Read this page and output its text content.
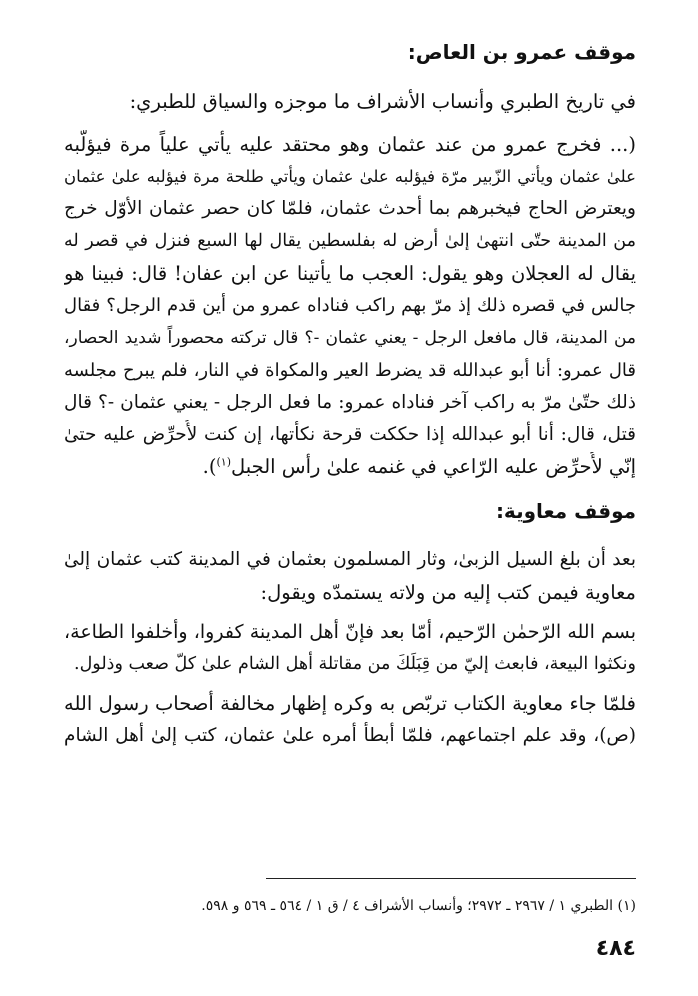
موقف عمرو بن العاص:
في تاريخ الطبري وأنساب الأشراف ما موجزه والسياق للطبري:
(... فخرج عمرو من عند عثمان وهو محتقد عليه يأتي علياً مرة فيؤلّبه
علىٰ عثمان ويأتي الزّبير مرّة فيؤلبه علىٰ عثمان ويأتي طلحة مرة فيؤلبه علىٰ عثمان
ويعترض الحاج فيخبرهم بما أحدث عثمان، فلمّا كان حصر عثمان الأوّل خرج
من المدينة حتّى انتهىٰ إلىٰ أرض له بفلسطين يقال لها السبع فنزل في قصر له
يقال له العجلان وهو يقول: العجب ما يأتينا عن ابن عفان! قال: فبينا هو
جالس في قصره ذلك إذ مرّ بهم راكب فناداه عمرو من أين قدم الرجل؟ فقال
من المدينة، قال مافعل الرجل - يعني عثمان -؟ قال تركته محصوراً شديد الحصار،
قال عمرو: أنا أبو عبدالله قد يضرط العير والمكواة في النار، فلم يبرح مجلسه
ذلك حتّىٰ مرّ به راكب آخر فناداه عمرو: ما فعل الرجل - يعني عثمان -؟ قال
قتل، قال: أنا أبو عبدالله إذا حككت قرحة نكأتها، إن كنت لأُحرِّض عليه حتىٰ
إنّي لأُحرِّض عليه الرّاعي في غنمه علىٰ رأس الجبل$^{(١)}$).
موقف معاوية:
بعد أن بلغ السيل الزبىٰ، وثار المسلمون بعثمان في المدينة كتب عثمان إلىٰ
معاوية فيمن كتب إليه من ولاته يستمدّه ويقول:
بسم الله الرّحمٰن الرّحيم، أمّا بعد فإنّ أهل المدينة كفروا، وأخلفوا الطاعة،
ونكثوا البيعة، فابعث إليّ من قِبَلَكَ من مقاتلة أهل الشام علىٰ كلّ صعب وذلول.
فلمّا جاء معاوية الكتاب تربّص به وكره إظهار مخالفة أصحاب رسول الله
(ص)، وقد علم اجتماعهم، فلمّا أبطأ أمره علىٰ عثمان، كتب إلىٰ أهل الشام
(١) الطبري ١ / ٢٩٦٧ ـ ٢٩٧٢؛ وأنساب الأشراف ٤ / ق ١ / ٥٦٤ ـ ٥٦٩ و ٥٩٨.
٤٨٤
